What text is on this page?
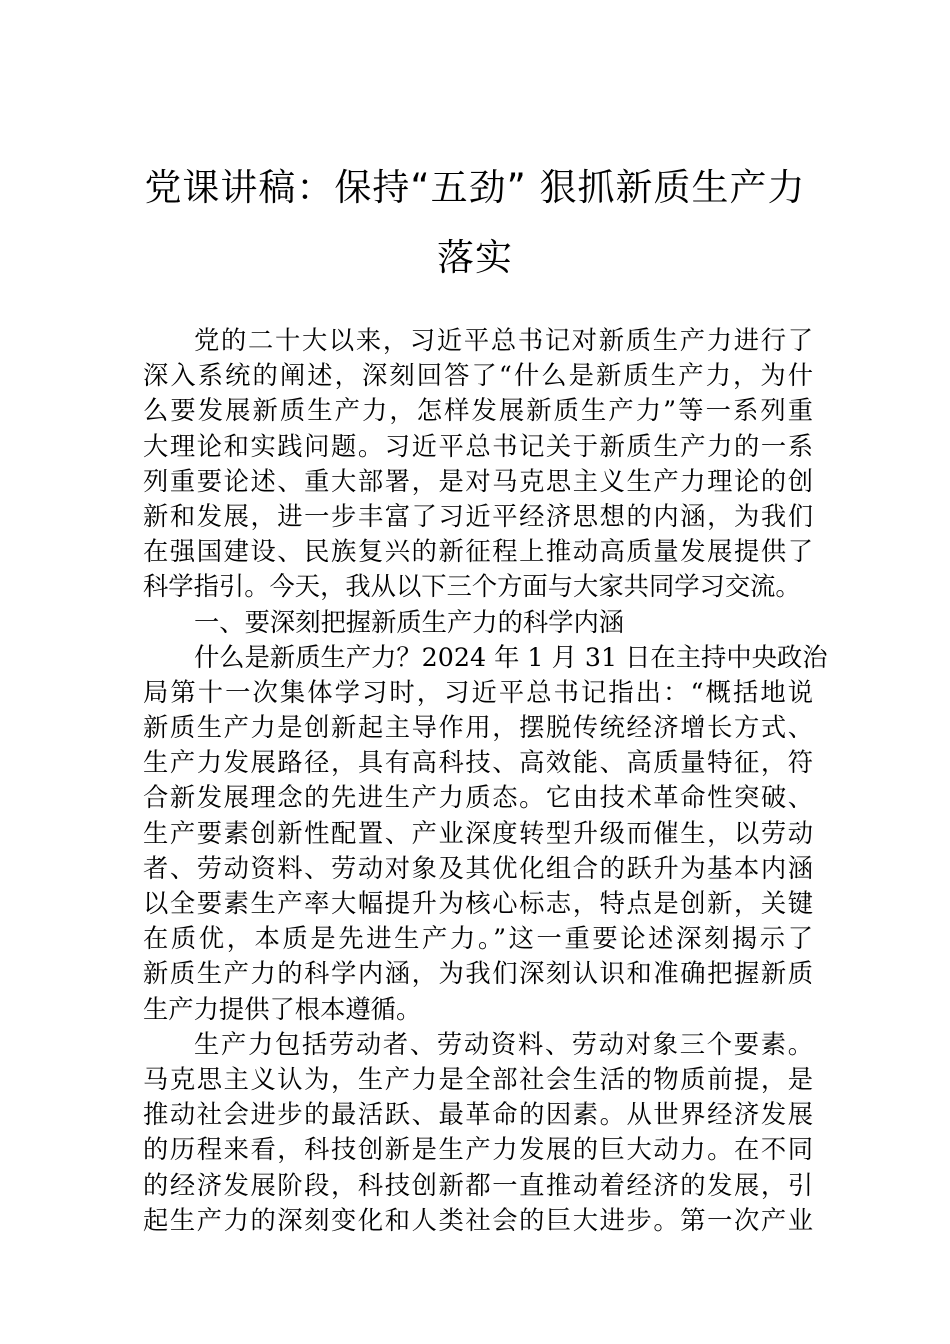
党课讲稿：保持“五劲” 狠抓新质生产力
落实
党的二十大以来，习近平总书记对新质生产力进行了
深入系统的阐述，深刻回答了“什么是新质生产力，为什
么要发展新质生产力，怎样发展新质生产力”等一系列重
大理论和实践问题。习近平总书记关于新质生产力的一系
列重要论述、重大部署，是对马克思主义生产力理论的创
新和发展，进一步丰富了习近平经济思想的内涵，为我们
在强国建设、民族复兴的新征程上推动高质量发展提供了
科学指引。今天，我从以下三个方面与大家共同学习交流。
一、要深刻把握新质生产力的科学内涵
什么是新质生产力？2024 年 1 月 31 日在主持中央政治
局第十一次集体学习时，习近平总书记指出：“概括地说
新质生产力是创新起主导作用，摆脱传统经济增长方式、
生产力发展路径，具有高科技、高效能、高质量特征，符
合新发展理念的先进生产力质态。它由技术革命性突破、
生产要素创新性配置、产业深度转型升级而催生，以劳动
者、劳动资料、劳动对象及其优化组合的跃升为基本内涵
以全要素生产率大幅提升为核心标志，特点是创新，关键
在质优，本质是先进生产力。”这一重要论述深刻揭示了
新质生产力的科学内涵，为我们深刻认识和准确把握新质
生产力提供了根本遵循。
生产力包括劳动者、劳动资料、劳动对象三个要素。
马克思主义认为，生产力是全部社会生活的物质前提，是
推动社会进步的最活跃、最革命的因素。从世界经济发展
的历程来看，科技创新是生产力发展的巨大动力。在不同
的经济发展阶段，科技创新都一直推动着经济的发展，引
起生产力的深刻变化和人类社会的巨大进步。第一次产业
